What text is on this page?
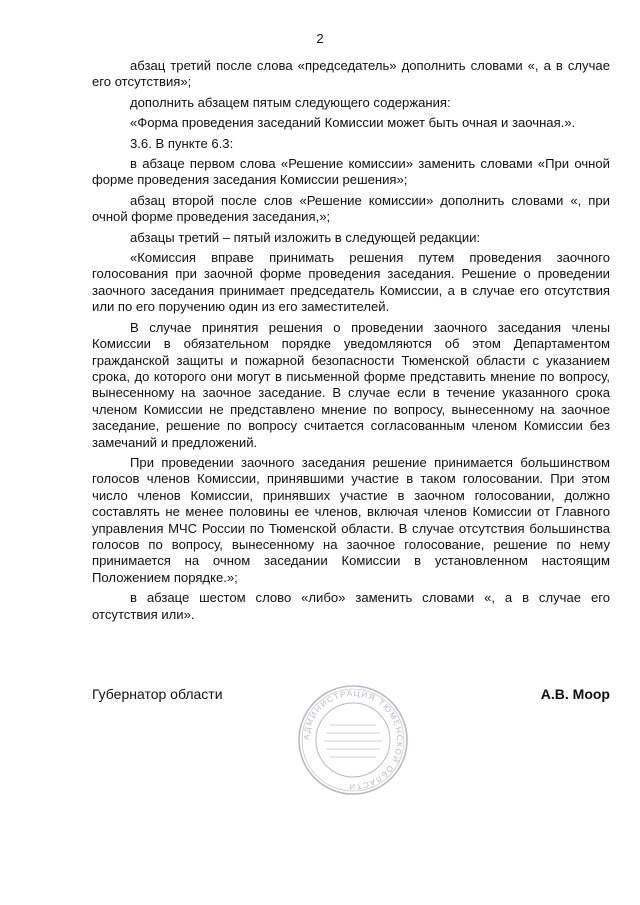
2

абзац третий после слова «председатель» дополнить словами «, а в случае его отсутствия»;

дополнить абзацем пятым следующего содержания:

«Форма проведения заседаний Комиссии может быть очная и заочная.».

3.6. В пункте 6.3:

в абзаце первом слова «Решение комиссии» заменить словами «При очной форме проведения заседания Комиссии решения»;

абзац второй после слов «Решение комиссии» дополнить словами «, при очной форме проведения заседания,»;

абзацы третий – пятый изложить в следующей редакции:

«Комиссия вправе принимать решения путем проведения заочного голосования при заочной форме проведения заседания. Решение о проведении заочного заседания принимает председатель Комиссии, а в случае его отсутствия или по его поручению один из его заместителей.

В случае принятия решения о проведении заочного заседания члены Комиссии в обязательном порядке уведомляются об этом Департаментом гражданской защиты и пожарной безопасности Тюменской области с указанием срока, до которого они могут в письменной форме представить мнение по вопросу, вынесенному на заочное заседание. В случае если в течение указанного срока членом Комиссии не представлено мнение по вопросу, вынесенному на заочное заседание, решение по вопросу считается согласованным членом Комиссии без замечаний и предложений.

При проведении заочного заседания решение принимается большинством голосов членов Комиссии, принявшими участие в таком голосовании. При этом число членов Комиссии, принявших участие в заочном голосовании, должно составлять не менее половины ее членов, включая членов Комиссии от Главного управления МЧС России по Тюменской области. В случае отсутствия большинства голосов по вопросу, вынесенному на заочное голосование, решение по нему принимается на очном заседании Комиссии в установленном настоящим Положением порядке.»;

в абзаце шестом слово «либо» заменить словами «, а в случае его отсутствия или».

Губернатор области	А.В. Моор
АДМИНИСТРАЦИЯ ТЮМЕНСКОЙ ОБЛАСТИ
